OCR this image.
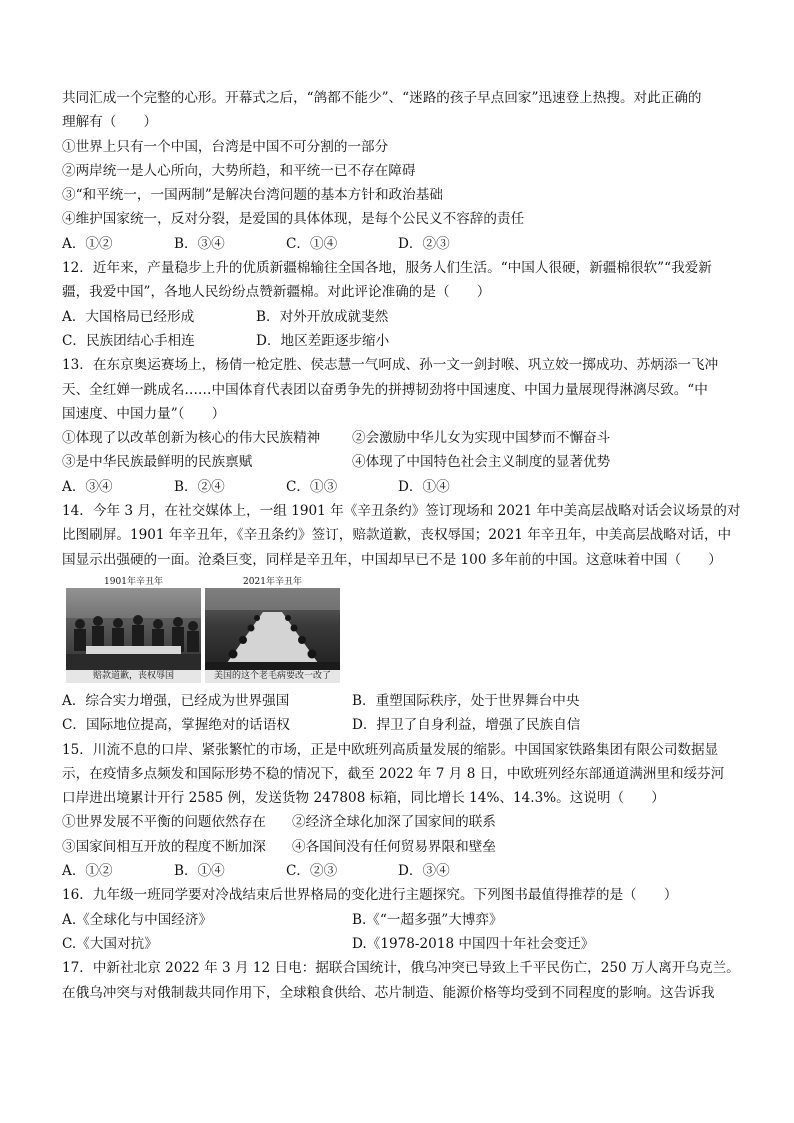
共同汇成一个完整的心形。开幕式之后，“鸽都不能少”、“迷路的孩子早点回家”迅速登上热搜。对此正确的
理解有（　　）
①世界上只有一个中国，台湾是中国不可分割的一部分
②两岸统一是人心所向，大势所趋，和平统一已不存在障碍
③“和平统一，一国两制”是解决台湾问题的基本方针和政治基础
④维护国家统一，反对分裂，是爱国的具体体现，是每个公民义不容辞的责任
A．①②	B．③④	C．①④	D．②③
12．近年来，产量稳步上升的优质新疆棉输往全国各地，服务人们生活。“中国人很硬，新疆棉很软”“我爱新
疆，我爱中国”，各地人民纷纷点赞新疆棉。对此评论准确的是（　　）
A．大国格局已经形成	B．对外开放成就斐然
C．民族团结心手相连	D．地区差距逐步缩小
13．在东京奥运赛场上，杨倩一枪定胜、侯志慧一气呵成、孙一文一剑封喉、巩立姣一掷成功、苏炳添一飞冲
天、全红婵一跳成名……中国体育代表团以奋勇争先的拼搏韧劲将中国速度、中国力量展现得淋漓尽致。“中
国速度、中国力量”（　　）
①体现了以改革创新为核心的伟大民族精神	②会激励中华儿女为实现中国梦而不懈奋斗
③是中华民族最鲜明的民族禀赋	④体现了中国特色社会主义制度的显著优势
A．③④	B．②④	C．①③	D．①④
14．今年 3 月，在社交媒体上，一组 1901 年《辛丑条约》签订现场和 2021 年中美高层战略对话会议场景的对
比图刷屏。1901 年辛丑年，《辛丑条约》签订，赔款道歉，丧权辱国；2021 年辛丑年，中美高层战略对话，中
国显示出强硬的一面。沧桑巨变，同样是辛丑年，中国却早已不是 100 多年前的中国。这意味着中国（　　）
1901年辛丑年
赔款道歉，丧权辱国
2021年辛丑年
美国的这个老毛病要改一改了
A．综合实力增强，已经成为世界强国	B．重塑国际秩序，处于世界舞台中央
C．国际地位提高，掌握绝对的话语权	D．捍卫了自身利益，增强了民族自信
15．川流不息的口岸、紧张繁忙的市场，正是中欧班列高质量发展的缩影。中国国家铁路集团有限公司数据显
示，在疫情多点频发和国际形势不稳的情况下，截至 2022 年 7 月 8 日，中欧班列经东部通道满洲里和绥芬河
口岸进出境累计开行 2585 例，发送货物 247808 标箱，同比增长 14%、14.3%。这说明（　　）
①世界发展不平衡的问题依然存在	②经济全球化加深了国家间的联系
③国家间相互开放的程度不断加深	④各国间没有任何贸易界限和壁垒
A．①②	B．①④	C．②③	D．③④
16．九年级一班同学要对冷战结束后世界格局的变化进行主题探究。下列图书最值得推荐的是（　　）
A.《全球化与中国经济》	B.《“一超多强”大博弈》
C.《大国对抗》	D.《1978-2018 中国四十年社会变迁》
17．中新社北京 2022 年 3 月 12 日电：据联合国统计，俄乌冲突已导致上千平民伤亡，250 万人离开乌克兰。
在俄乌冲突与对俄制裁共同作用下，全球粮食供给、芯片制造、能源价格等均受到不同程度的影响。这告诉我
